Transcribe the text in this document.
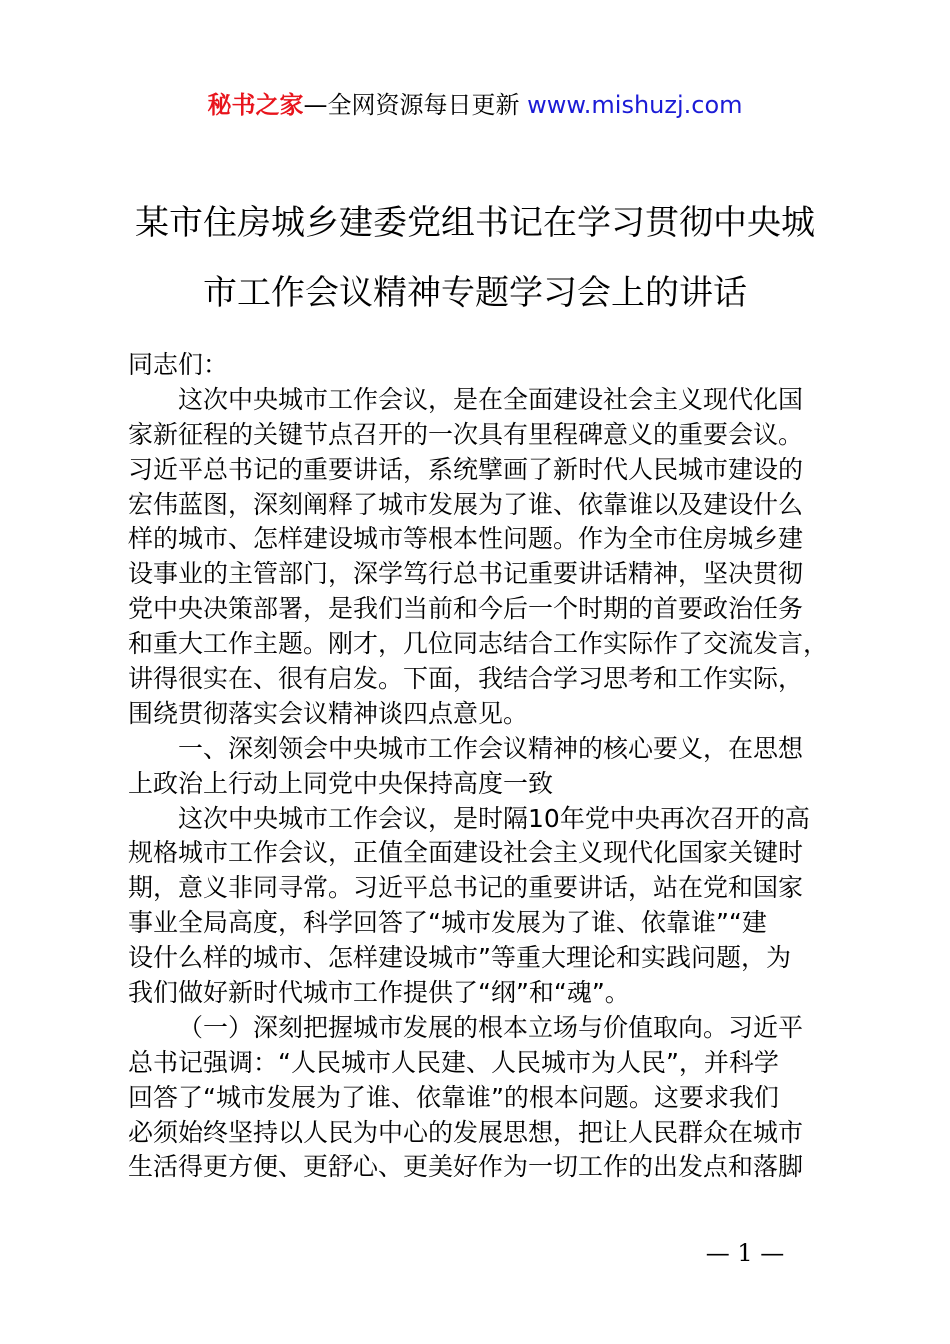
秘书之家—全网资源每日更新 www.mishuzj.com
某市住房城乡建委党组书记在学习贯彻中央城
市工作会议精神专题学习会上的讲话
同志们：
这次中央城市工作会议，是在全面建设社会主义现代化国
家新征程的关键节点召开的一次具有里程碑意义的重要会议。
习近平总书记的重要讲话，系统擘画了新时代人民城市建设的
宏伟蓝图，深刻阐释了城市发展为了谁、依靠谁以及建设什么
样的城市、怎样建设城市等根本性问题。作为全市住房城乡建
设事业的主管部门，深学笃行总书记重要讲话精神，坚决贯彻
党中央决策部署，是我们当前和今后一个时期的首要政治任务
和重大工作主题。刚才，几位同志结合工作实际作了交流发言，
讲得很实在、很有启发。下面，我结合学习思考和工作实际，
围绕贯彻落实会议精神谈四点意见。
一、深刻领会中央城市工作会议精神的核心要义，在思想
上政治上行动上同党中央保持高度一致
这次中央城市工作会议，是时隔10年党中央再次召开的高
规格城市工作会议，正值全面建设社会主义现代化国家关键时
期，意义非同寻常。习近平总书记的重要讲话，站在党和国家
事业全局高度，科学回答了“城市发展为了谁、依靠谁”“建
设什么样的城市、怎样建设城市”等重大理论和实践问题，为
我们做好新时代城市工作提供了“纲”和“魂”。
（一）深刻把握城市发展的根本立场与价值取向。习近平
总书记强调：“人民城市人民建、人民城市为人民”，并科学
回答了“城市发展为了谁、依靠谁”的根本问题。这要求我们
必须始终坚持以人民为中心的发展思想，把让人民群众在城市
生活得更方便、更舒心、更美好作为一切工作的出发点和落脚
— 1 —
